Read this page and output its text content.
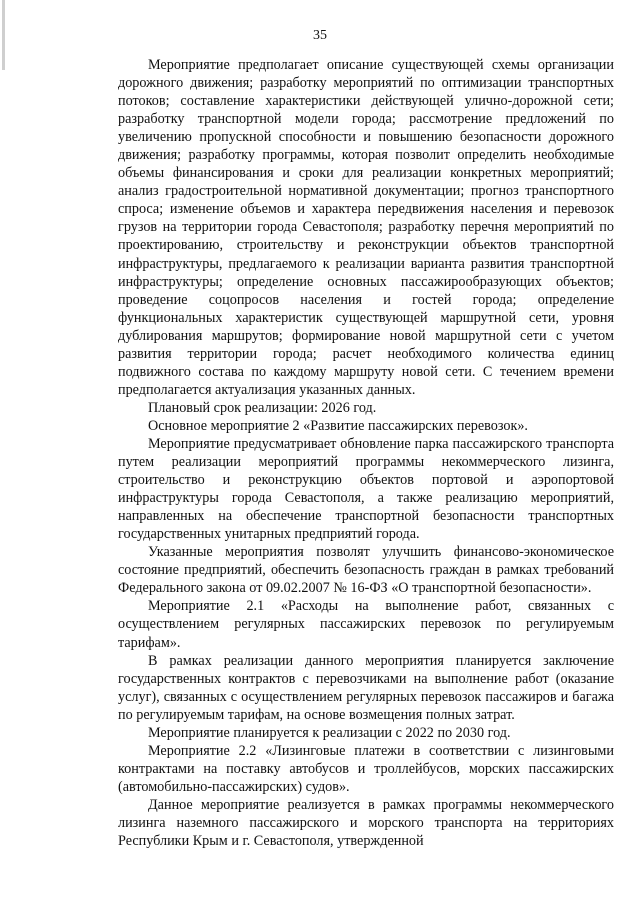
35

Мероприятие предполагает описание существующей схемы организации дорожного движения; разработку мероприятий по оптимизации транспортных потоков; составление характеристики действующей улично-дорожной сети; разработку транспортной модели города; рассмотрение предложений по увеличению пропускной способности и повышению безопасности дорожного движения; разработку программы, которая позволит определить необходимые объемы финансирования и сроки для реализации конкретных мероприятий; анализ градостроительной нормативной документации; прогноз транспортного спроса; изменение объемов и характера передвижения населения и перевозок грузов на территории города Севастополя; разработку перечня мероприятий по проектированию, строительству и реконструкции объектов транспортной инфраструктуры, предлагаемого к реализации варианта развития транспортной инфраструктуры; определение основных пассажирообразующих объектов; проведение соцопросов населения и гостей города; определение функциональных характеристик существующей маршрутной сети, уровня дублирования маршрутов; формирование новой маршрутной сети с учетом развития территории города; расчет необходимого количества единиц подвижного состава по каждому маршруту новой сети. С течением времени предполагается актуализация указанных данных.

Плановый срок реализации: 2026 год.

Основное мероприятие 2 «Развитие пассажирских перевозок».

Мероприятие предусматривает обновление парка пассажирского транспорта путем реализации мероприятий программы некоммерческого лизинга, строительство и реконструкцию объектов портовой и аэропортовой инфраструктуры города Севастополя, а также реализацию мероприятий, направленных на обеспечение транспортной безопасности транспортных государственных унитарных предприятий города.

Указанные мероприятия позволят улучшить финансово-экономическое состояние предприятий, обеспечить безопасность граждан в рамках требований Федерального закона от 09.02.2007 № 16-ФЗ «О транспортной безопасности».

Мероприятие 2.1 «Расходы на выполнение работ, связанных с осуществлением регулярных пассажирских перевозок по регулируемым тарифам».

В рамках реализации данного мероприятия планируется заключение государственных контрактов с перевозчиками на выполнение работ (оказание услуг), связанных с осуществлением регулярных перевозок пассажиров и багажа по регулируемым тарифам, на основе возмещения полных затрат.

Мероприятие планируется к реализации с 2022 по 2030 год.

Мероприятие 2.2 «Лизинговые платежи в соответствии с лизинговыми контрактами на поставку автобусов и троллейбусов, морских пассажирских (автомобильно-пассажирских) судов».

Данное мероприятие реализуется в рамках программы некоммерческого лизинга наземного пассажирского и морского транспорта на территориях Республики Крым и г. Севастополя, утвержденной
